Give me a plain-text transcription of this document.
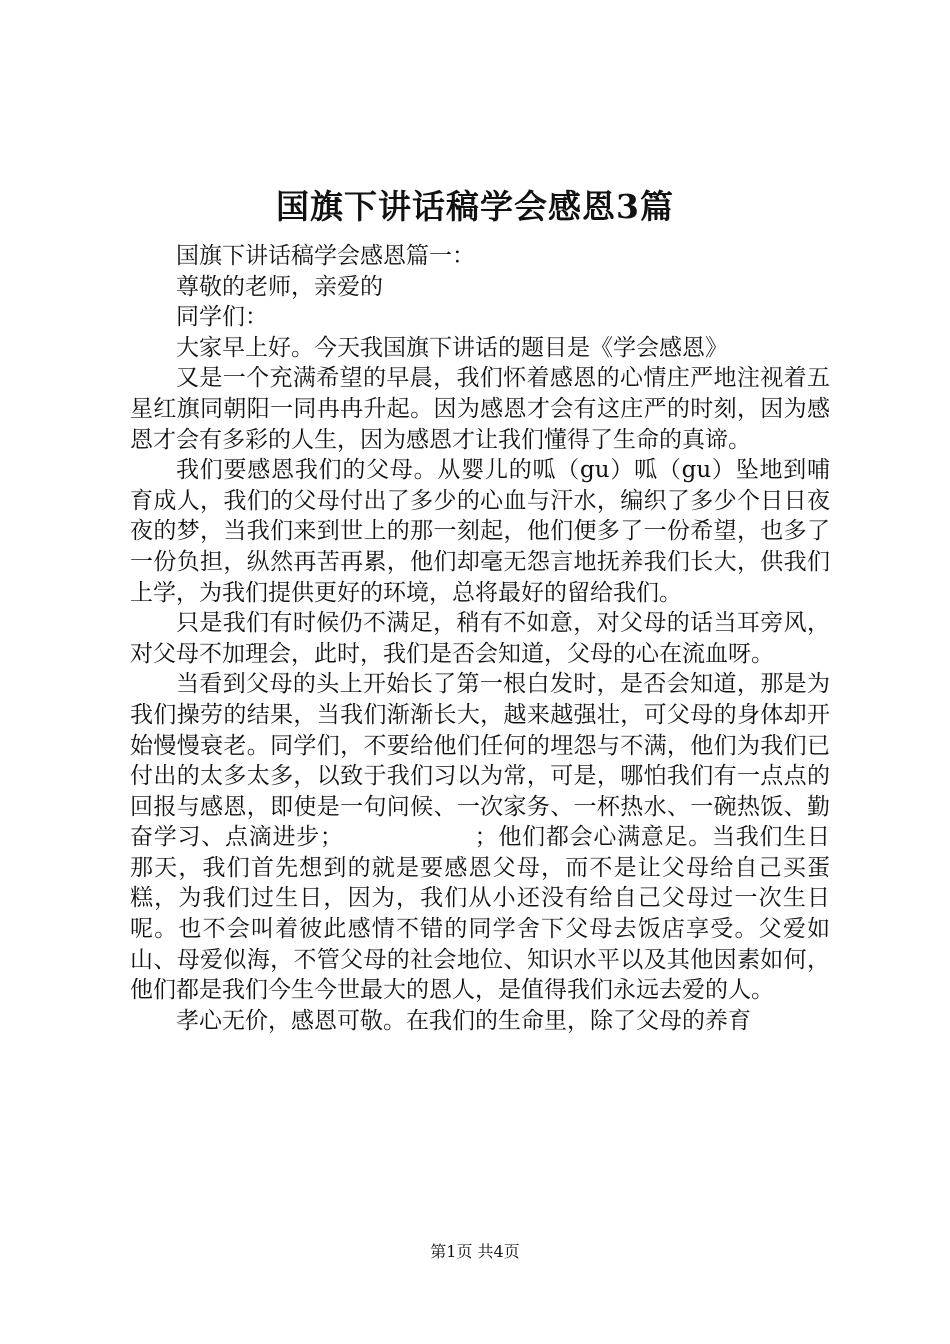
国旗下讲话稿学会感恩3篇

国旗下讲话稿学会感恩篇一：

尊敬的老师，亲爱的

同学们：

大家早上好。今天我国旗下讲话的题目是《学会感恩》

又是一个充满希望的早晨，我们怀着感恩的心情庄严地注视着五星红旗同朝阳一同冉冉升起。因为感恩才会有这庄严的时刻，因为感恩才会有多彩的人生，因为感恩才让我们懂得了生命的真谛。

我们要感恩我们的父母。从婴儿的呱（gu）呱（gu）坠地到哺育成人，我们的父母付出了多少的心血与汗水，编织了多少个日日夜夜的梦，当我们来到世上的那一刻起，他们便多了一份希望，也多了一份负担，纵然再苦再累，他们却毫无怨言地抚养我们长大，供我们上学，为我们提供更好的环境，总将最好的留给我们。

只是我们有时候仍不满足，稍有不如意，对父母的话当耳旁风，对父母不加理会，此时，我们是否会知道，父母的心在流血呀。

当看到父母的头上开始长了第一根白发时，是否会知道，那是为我们操劳的结果，当我们渐渐长大，越来越强壮，可父母的身体却开始慢慢衰老。同学们，不要给他们任何的埋怨与不满，他们为我们已付出的太多太多，以致于我们习以为常，可是，哪怕我们有一点点的回报与感恩，即使是一句问候、一次家务、一杯热水、一碗热饭、勤奋学习、点滴进步；　　　　　　；他们都会心满意足。当我们生日那天，我们首先想到的就是要感恩父母，而不是让父母给自己买蛋糕，为我们过生日，因为，我们从小还没有给自己父母过一次生日呢。也不会叫着彼此感情不错的同学舍下父母去饭店享受。父爱如山、母爱似海，不管父母的社会地位、知识水平以及其他因素如何，他们都是我们今生今世最大的恩人，是值得我们永远去爱的人。

孝心无价，感恩可敬。在我们的生命里，除了父母的养育

第1页 共4页
